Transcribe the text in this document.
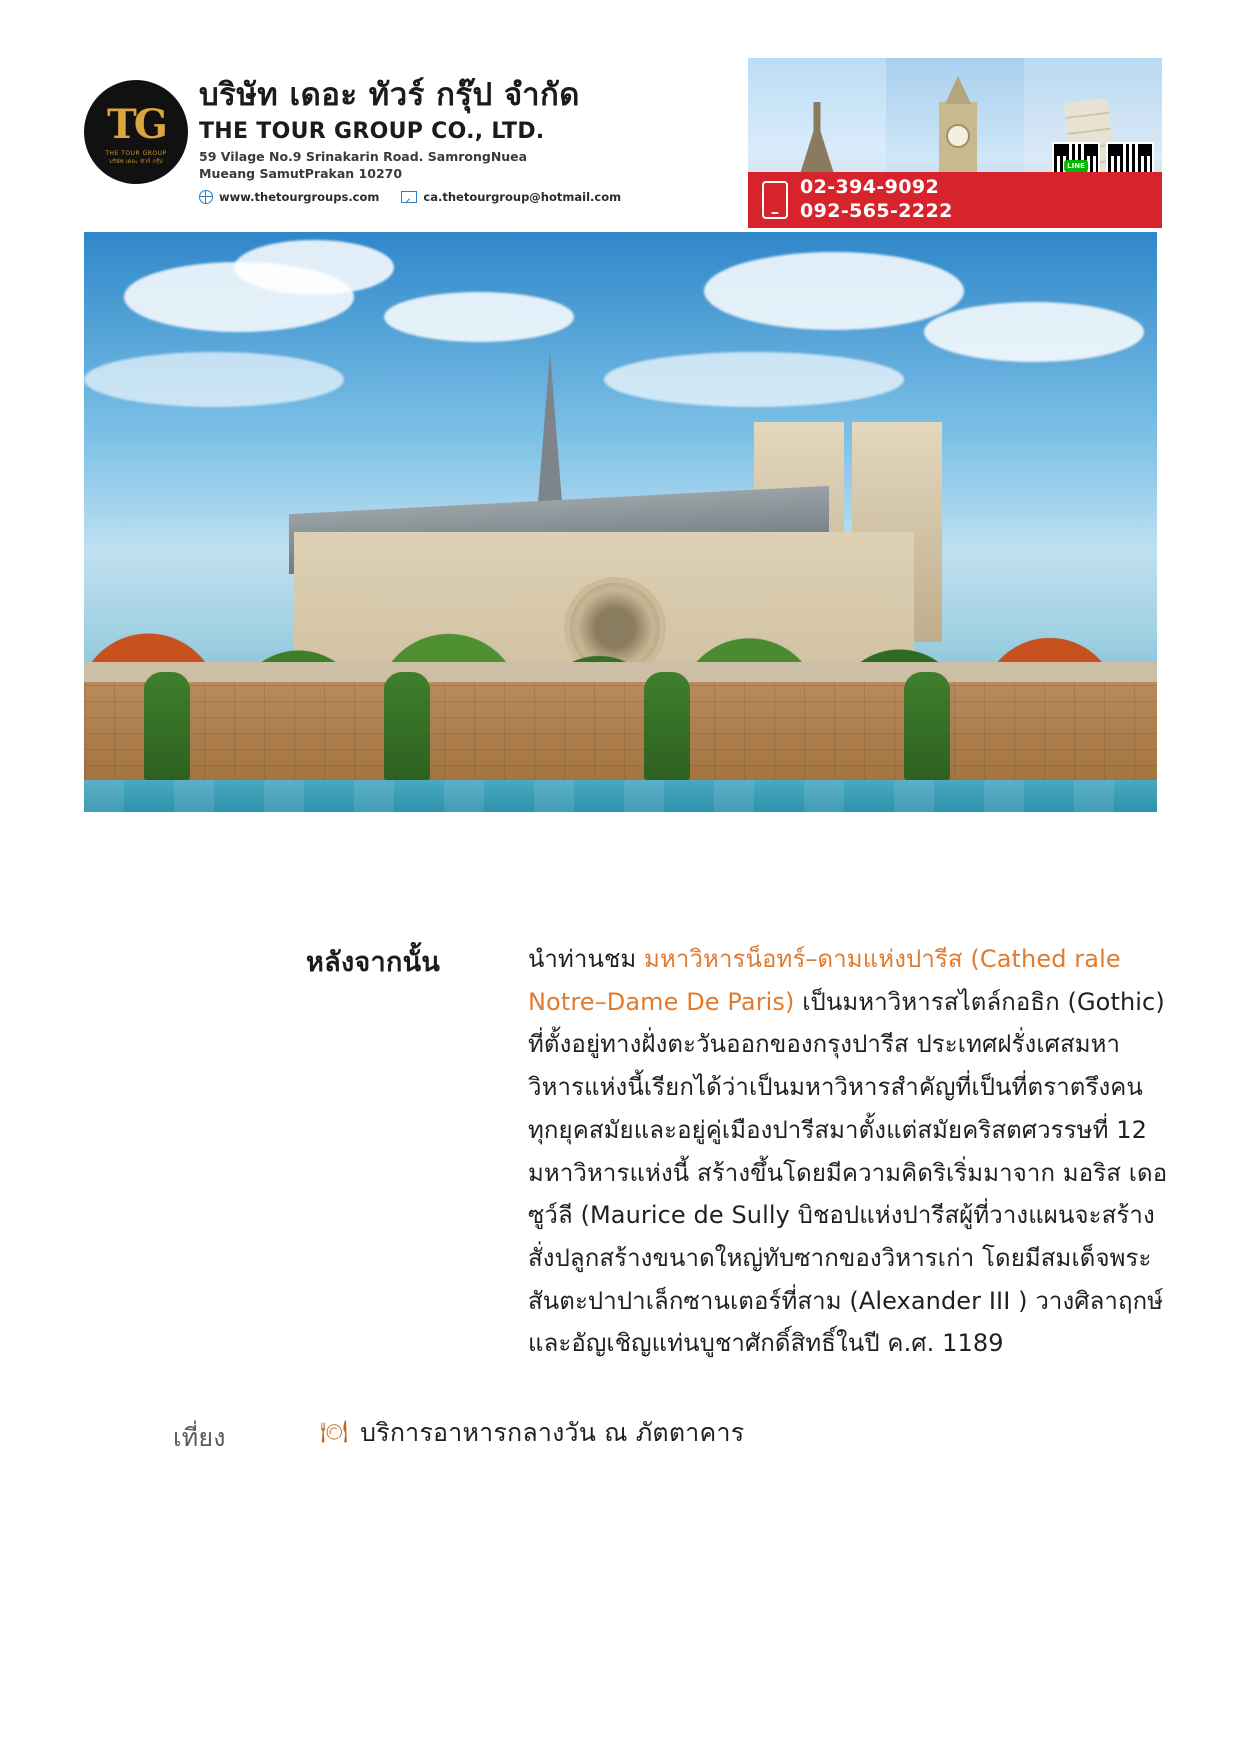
TG
THE TOUR GROUP
บริษัท เดอะ ทัวร์ กรุ๊ป
บริษัท เดอะ ทัวร์ กรุ๊ป จำกัด
THE TOUR GROUP CO., LTD.
59 Vilage No.9 Srinakarin Road. SamrongNuea
Mueang SamutPrakan 10270
www.thetourgroups.com	ca.thetourgroup@hotmail.com
LINE
02-394-9092
092-565-2222
หลังจากนั้น	นำท่านชม มหาวิหารน็อทร์–ดามแห่งปารีส (Cathed rale Notre–Dame De Paris) เป็นมหาวิหารสไตล์กอธิก (Gothic) ที่ตั้งอยู่ทางฝั่งตะวันออกของกรุงปารีส ประเทศฝรั่งเศสมหาวิหารแห่งนี้เรียกได้ว่าเป็นมหาวิหารสำคัญที่เป็นที่ตราตรึงคนทุกยุคสมัยและอยู่คู่เมืองปารีสมาตั้งแต่สมัยคริสตศวรรษที่ 12 มหาวิหารแห่งนี้ สร้างขึ้นโดยมีความคิดริเริ่มมาจาก มอริส เดอ ซูว์ลี (Maurice de Sully บิชอปแห่งปารีสผู้ที่วางแผนจะสร้าง สั่งปลูกสร้างขนาดใหญ่ทับซากของวิหารเก่า โดยมีสมเด็จพระสันตะปาปาเล็กซานเตอร์ที่สาม (Alexander III ) วางศิลาฤกษ์ และอัญเชิญแท่นบูชาศักดิ์สิทธิ์ในปี ค.ศ. 1189
เที่ยง	🍽 บริการอาหารกลางวัน ณ ภัตตาคาร
